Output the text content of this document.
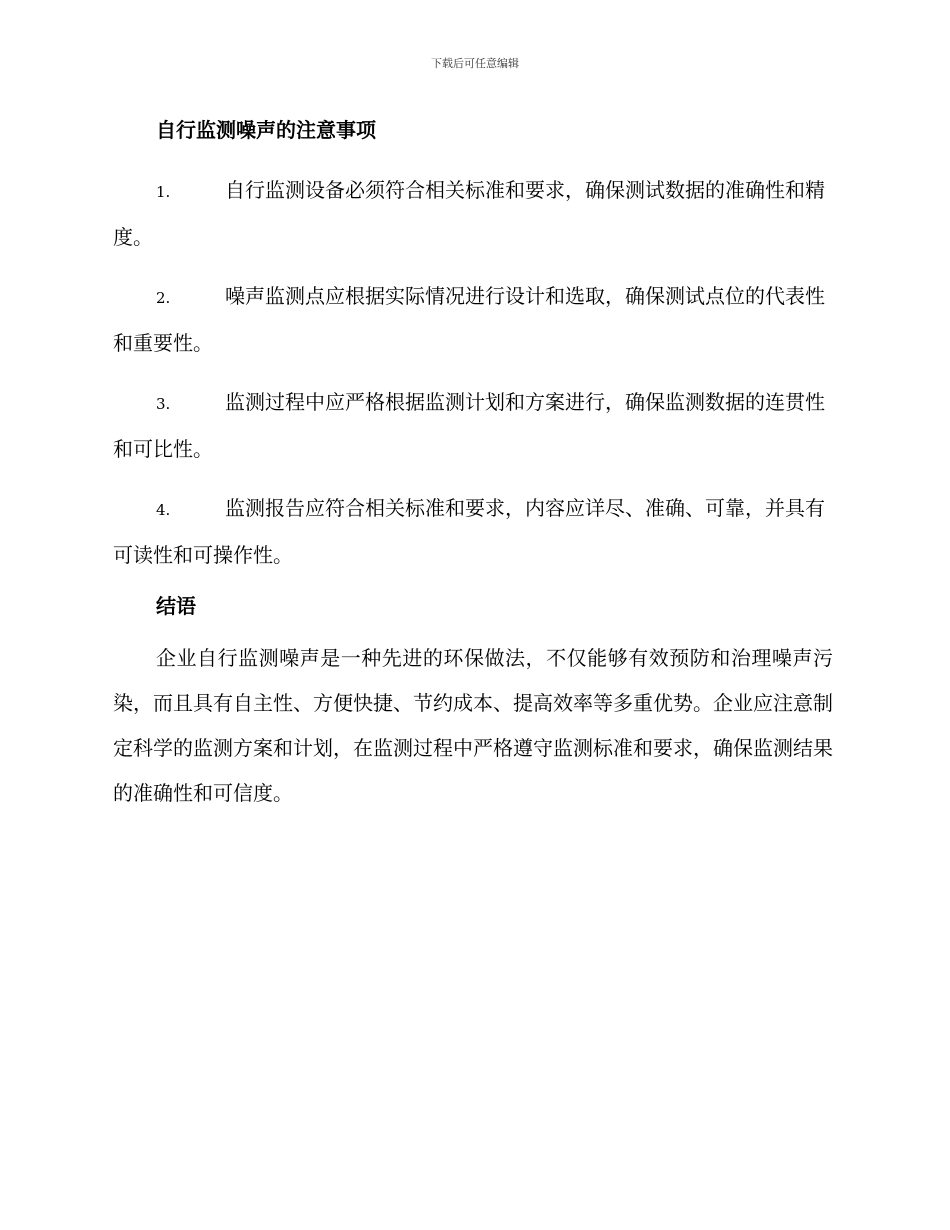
下载后可任意编辑
自行监测噪声的注意事项
1.	自行监测设备必须符合相关标准和要求，确保测试数据的准确性和精度。
2.	噪声监测点应根据实际情况进行设计和选取，确保测试点位的代表性和重要性。
3.	监测过程中应严格根据监测计划和方案进行，确保监测数据的连贯性和可比性。
4.	监测报告应符合相关标准和要求，内容应详尽、准确、可靠，并具有可读性和可操作性。
结语

企业自行监测噪声是一种先进的环保做法，不仅能够有效预防和治理噪声污染，而且具有自主性、方便快捷、节约成本、提高效率等多重优势。企业应注意制定科学的监测方案和计划，在监测过程中严格遵守监测标准和要求，确保监测结果的准确性和可信度。
